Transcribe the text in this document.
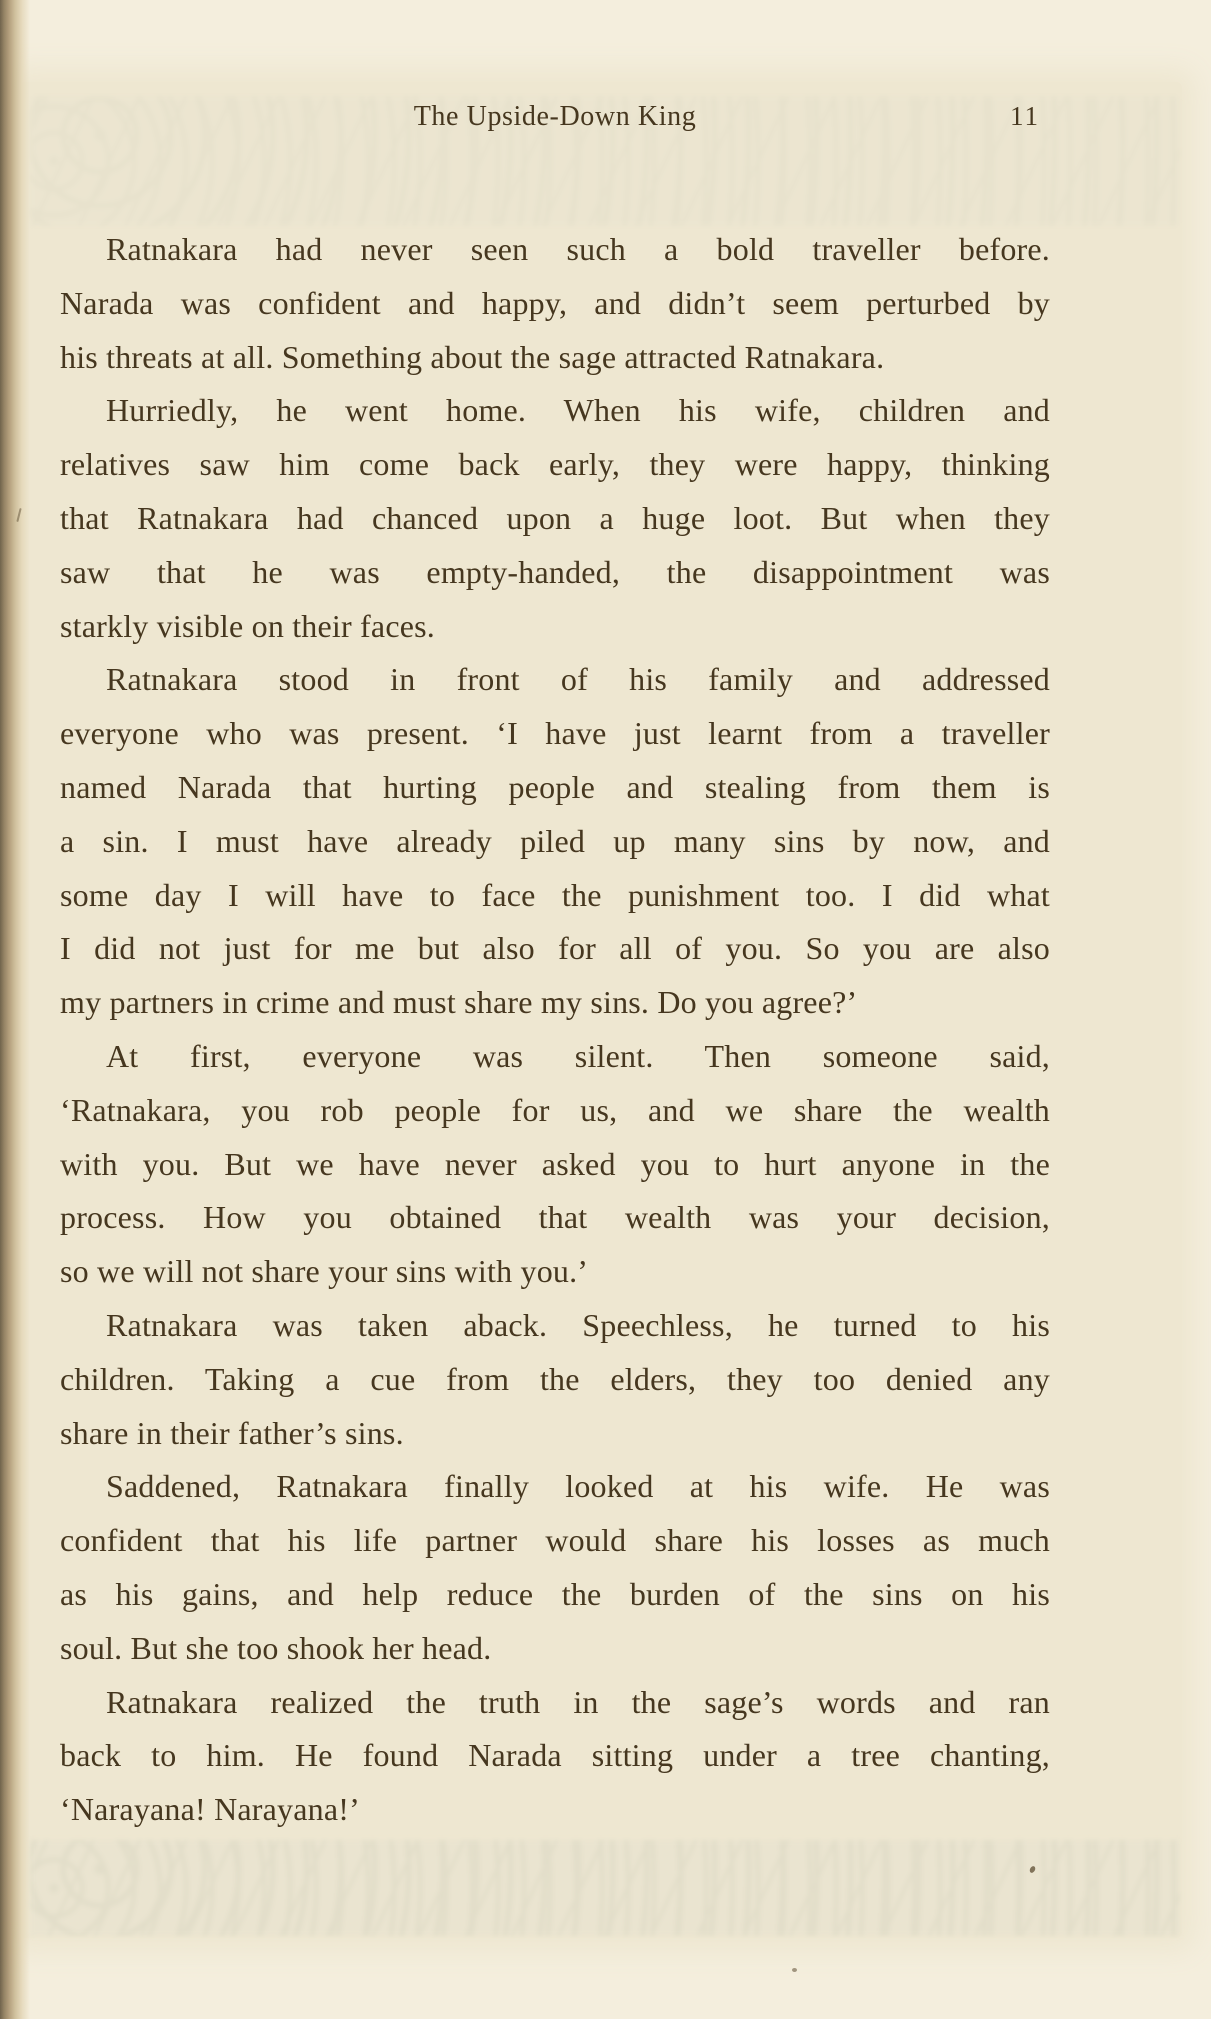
The Upside-Down King	11
Ratnakara had never seen such a bold traveller before.
Narada was confident and happy, and didn’t seem perturbed by
his threats at all. Something about the sage attracted Ratnakara.
Hurriedly, he went home. When his wife, children and
relatives saw him come back early, they were happy, thinking
that Ratnakara had chanced upon a huge loot. But when they
saw that he was empty-handed, the disappointment was
starkly visible on their faces.
Ratnakara stood in front of his family and addressed
everyone who was present. ‘I have just learnt from a traveller
named Narada that hurting people and stealing from them is
a sin. I must have already piled up many sins by now, and
some day I will have to face the punishment too. I did what
I did not just for me but also for all of you. So you are also
my partners in crime and must share my sins. Do you agree?’
At first, everyone was silent. Then someone said,
‘Ratnakara, you rob people for us, and we share the wealth
with you. But we have never asked you to hurt anyone in the
process. How you obtained that wealth was your decision,
so we will not share your sins with you.’
Ratnakara was taken aback. Speechless, he turned to his
children. Taking a cue from the elders, they too denied any
share in their father’s sins.
Saddened, Ratnakara finally looked at his wife. He was
confident that his life partner would share his losses as much
as his gains, and help reduce the burden of the sins on his
soul. But she too shook her head.
Ratnakara realized the truth in the sage’s words and ran
back to him. He found Narada sitting under a tree chanting,
‘Narayana! Narayana!’
